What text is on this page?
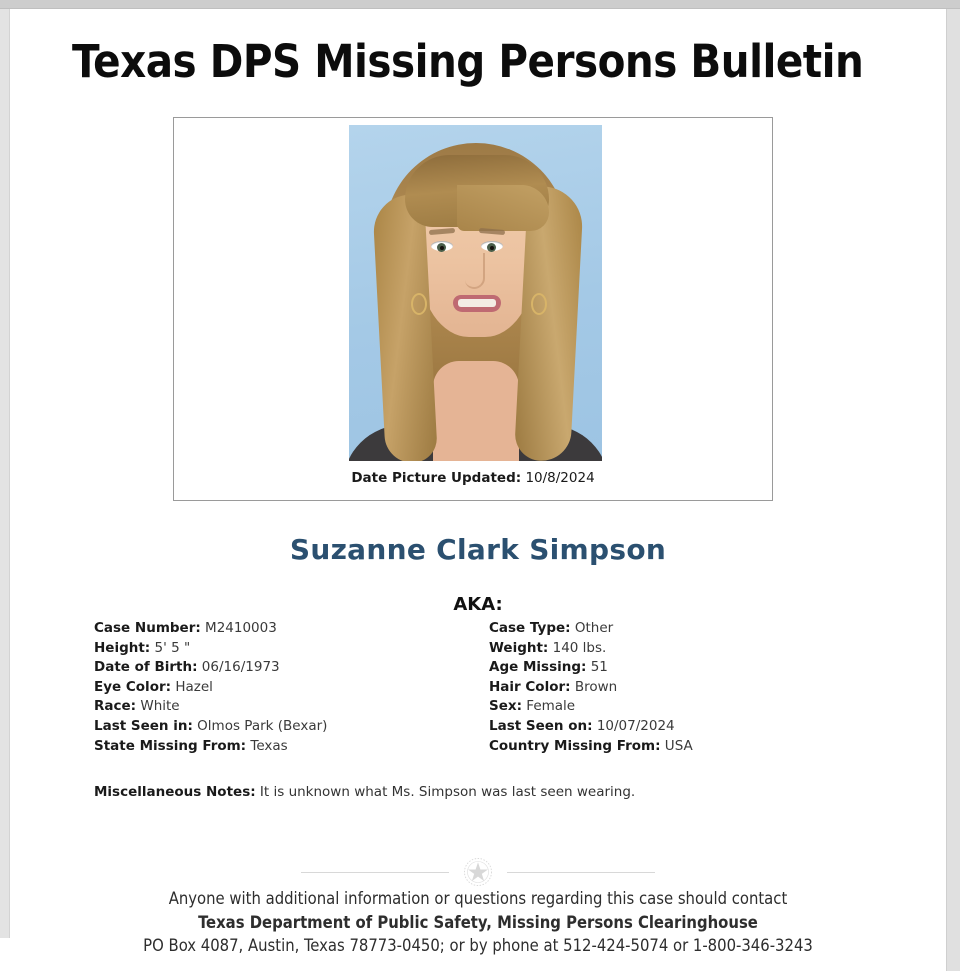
Texas DPS Missing Persons Bulletin
Date Picture Updated: 10/8/2024
Suzanne Clark Simpson
AKA:
Case Number: M2410003
Height: 5' 5 "
Date of Birth: 06/16/1973
Eye Color: Hazel
Race: White
Last Seen in: Olmos Park (Bexar)
State Missing From: Texas
Case Type: Other
Weight: 140 lbs.
Age Missing: 51
Hair Color: Brown
Sex: Female
Last Seen on: 10/07/2024
Country Missing From: USA
Miscellaneous Notes: It is unknown what Ms. Simpson was last seen wearing.
Anyone with additional information or questions regarding this case should contact
Texas Department of Public Safety, Missing Persons Clearinghouse
PO Box 4087, Austin, Texas 78773-0450; or by phone at 512-424-5074 or 1-800-346-3243
